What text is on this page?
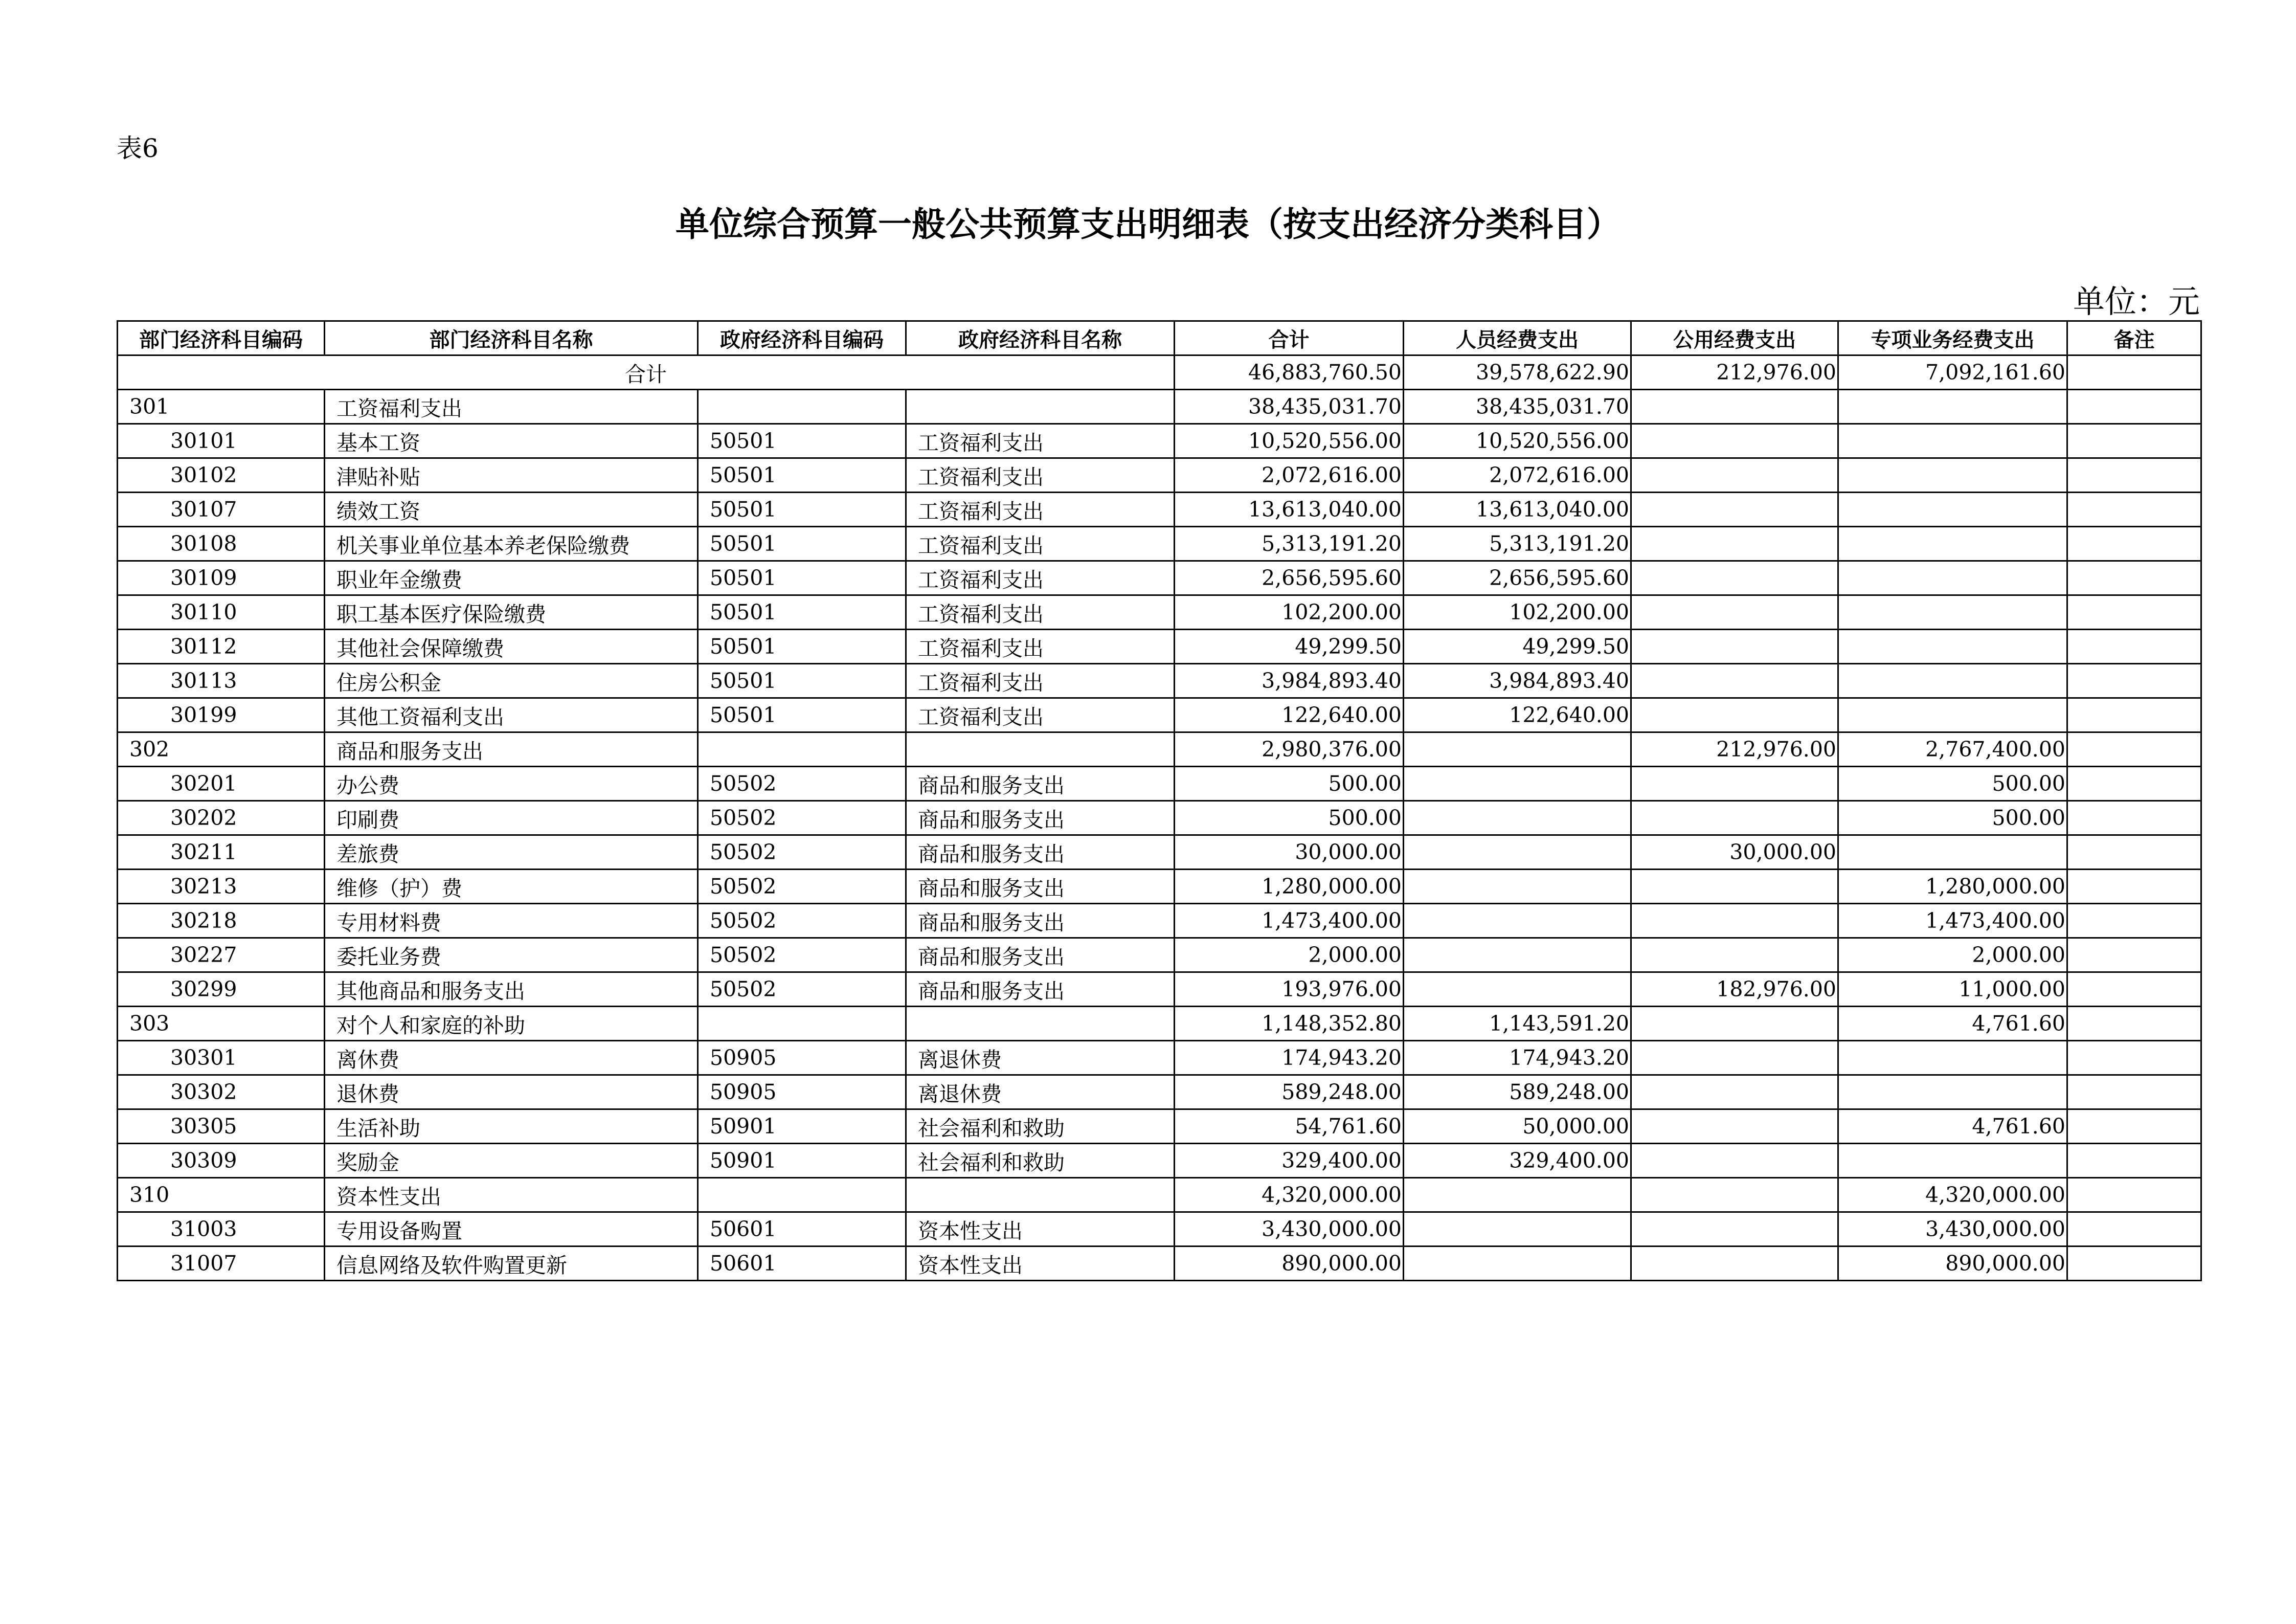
表6
单位综合预算一般公共预算支出明细表（按支出经济分类科目）
单位：元
部门经济科目编码	部门经济科目名称	政府经济科目编码	政府经济科目名称	合计	人员经费支出	公用经费支出	专项业务经费支出	备注
合计				46,883,760.50	39,578,622.90	212,976.00	7,092,161.60	
301	工资福利支出			38,435,031.70	38,435,031.70			
30101	基本工资	50501	工资福利支出	10,520,556.00	10,520,556.00			
30102	津贴补贴	50501	工资福利支出	2,072,616.00	2,072,616.00			
30107	绩效工资	50501	工资福利支出	13,613,040.00	13,613,040.00			
30108	机关事业单位基本养老保险缴费	50501	工资福利支出	5,313,191.20	5,313,191.20			
30109	职业年金缴费	50501	工资福利支出	2,656,595.60	2,656,595.60			
30110	职工基本医疗保险缴费	50501	工资福利支出	102,200.00	102,200.00			
30112	其他社会保障缴费	50501	工资福利支出	49,299.50	49,299.50			
30113	住房公积金	50501	工资福利支出	3,984,893.40	3,984,893.40			
30199	其他工资福利支出	50501	工资福利支出	122,640.00	122,640.00			
302	商品和服务支出			2,980,376.00		212,976.00	2,767,400.00	
30201	办公费	50502	商品和服务支出	500.00			500.00	
30202	印刷费	50502	商品和服务支出	500.00			500.00	
30211	差旅费	50502	商品和服务支出	30,000.00		30,000.00		
30213	维修（护）费	50502	商品和服务支出	1,280,000.00			1,280,000.00	
30218	专用材料费	50502	商品和服务支出	1,473,400.00			1,473,400.00	
30227	委托业务费	50502	商品和服务支出	2,000.00			2,000.00	
30299	其他商品和服务支出	50502	商品和服务支出	193,976.00		182,976.00	11,000.00	
303	对个人和家庭的补助			1,148,352.80	1,143,591.20		4,761.60	
30301	离休费	50905	离退休费	174,943.20	174,943.20			
30302	退休费	50905	离退休费	589,248.00	589,248.00			
30305	生活补助	50901	社会福利和救助	54,761.60	50,000.00		4,761.60	
30309	奖励金	50901	社会福利和救助	329,400.00	329,400.00			
310	资本性支出			4,320,000.00			4,320,000.00	
31003	专用设备购置	50601	资本性支出	3,430,000.00			3,430,000.00	
31007	信息网络及软件购置更新	50601	资本性支出	890,000.00			890,000.00	
